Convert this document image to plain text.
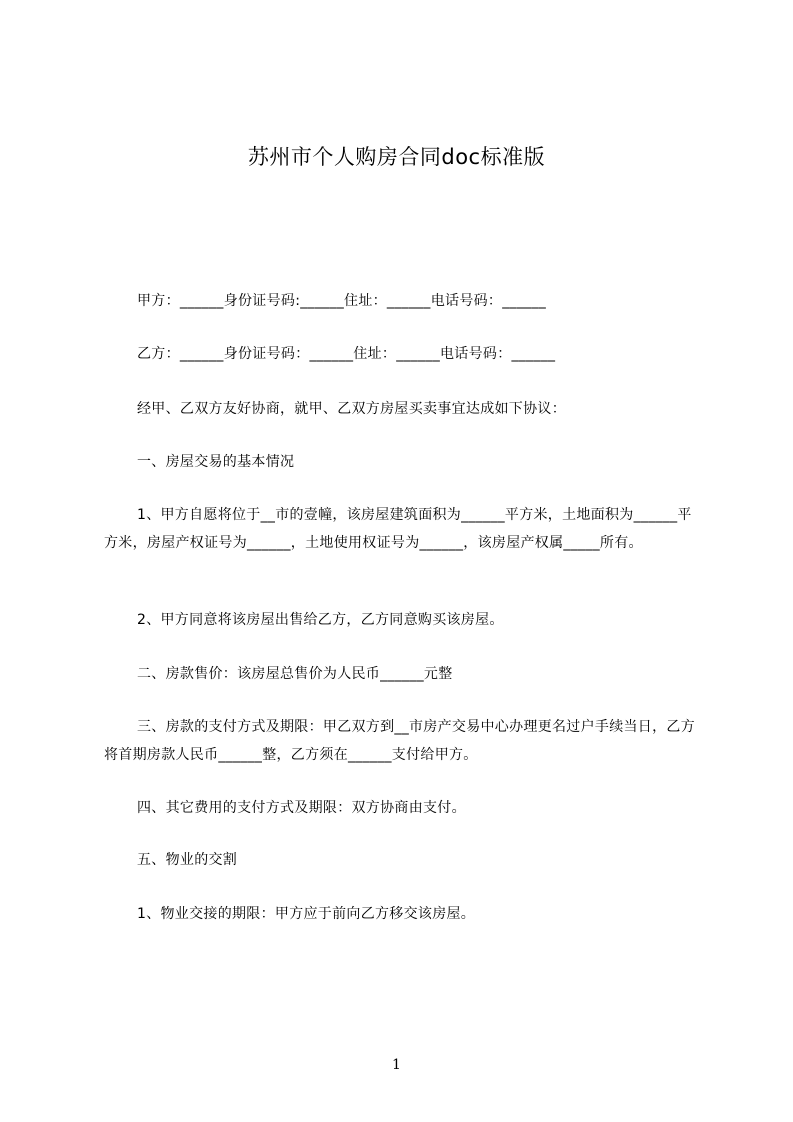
苏州市个人购房合同doc标准版
甲方：______身份证号码:______住址：______电话号码：______
乙方：______身份证号码：______住址：______电话号码：______
经甲、乙双方友好协商，就甲、乙双方房屋买卖事宜达成如下协议：
一、房屋交易的基本情况
1、甲方自愿将位于__市的壹幢，该房屋建筑面积为______平方米，土地面积为______平方米，房屋产权证号为______，土地使用权证号为______，该房屋产权属_____所有。
2、甲方同意将该房屋出售给乙方，乙方同意购买该房屋。
二、房款售价：该房屋总售价为人民币______元整
三、房款的支付方式及期限：甲乙双方到__市房产交易中心办理更名过户手续当日，乙方将首期房款人民币______整，乙方须在______支付给甲方。
四、其它费用的支付方式及期限：双方协商由支付。
五、物业的交割
1、物业交接的期限：甲方应于前向乙方移交该房屋。
1
